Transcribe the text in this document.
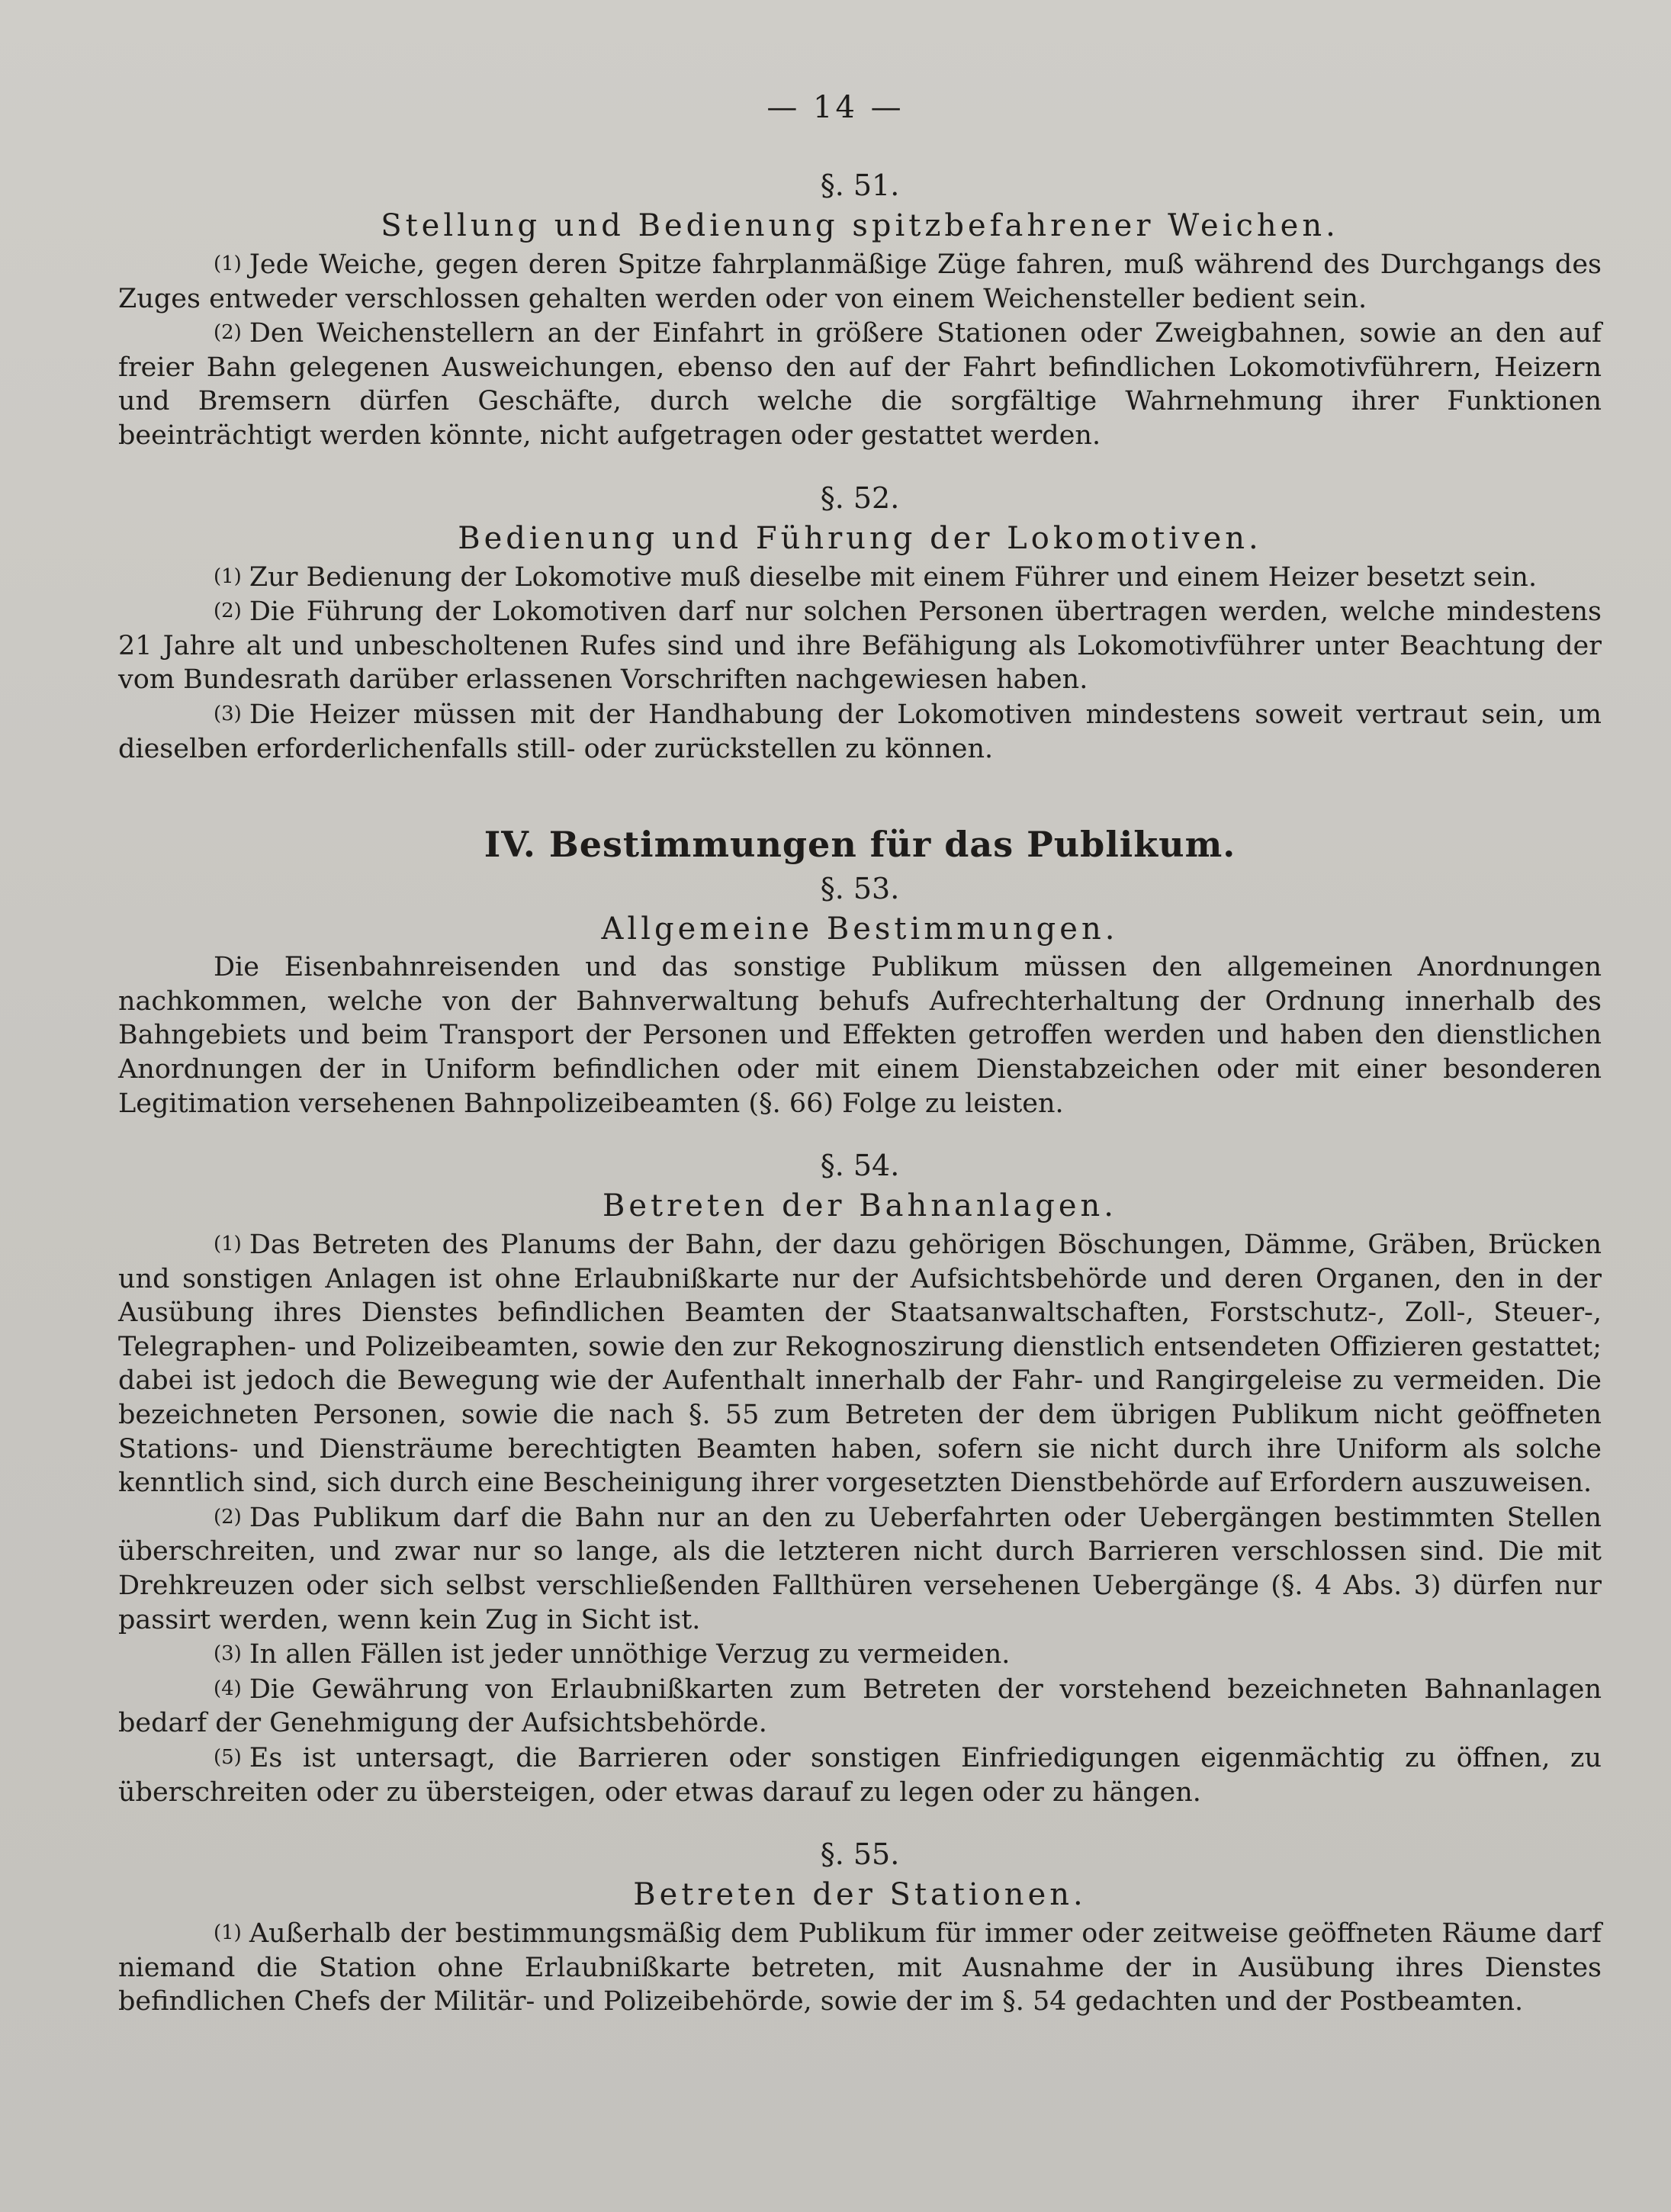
— 14 —
§. 51.
Stellung und Bedienung spitzbefahrener Weichen.

(1) Jede Weiche, gegen deren Spitze fahrplanmäßige Züge fahren, muß während des Durchgangs des Zuges entweder verschlossen gehalten werden oder von einem Weichensteller bedient sein.

(2) Den Weichenstellern an der Einfahrt in größere Stationen oder Zweigbahnen, sowie an den auf freier Bahn gelegenen Ausweichungen, ebenso den auf der Fahrt befindlichen Lokomotivführern, Heizern und Bremsern dürfen Geschäfte, durch welche die sorgfältige Wahrnehmung ihrer Funktionen beeinträchtigt werden könnte, nicht aufgetragen oder gestattet werden.

§. 52.
Bedienung und Führung der Lokomotiven.

(1) Zur Bedienung der Lokomotive muß dieselbe mit einem Führer und einem Heizer besetzt sein.

(2) Die Führung der Lokomotiven darf nur solchen Personen übertragen werden, welche mindestens 21 Jahre alt und unbescholtenen Rufes sind und ihre Befähigung als Lokomotivführer unter Beachtung der vom Bundesrath darüber erlassenen Vorschriften nachgewiesen haben.

(3) Die Heizer müssen mit der Handhabung der Lokomotiven mindestens soweit vertraut sein, um dieselben erforderlichenfalls still- oder zurückstellen zu können.

IV. Bestimmungen für das Publikum.
§. 53.
Allgemeine Bestimmungen.

Die Eisenbahnreisenden und das sonstige Publikum müssen den allgemeinen Anordnungen nachkommen, welche von der Bahnverwaltung behufs Aufrechterhaltung der Ordnung innerhalb des Bahngebiets und beim Transport der Personen und Effekten getroffen werden und haben den dienstlichen Anordnungen der in Uniform befindlichen oder mit einem Dienstabzeichen oder mit einer besonderen Legitimation versehenen Bahnpolizeibeamten (§. 66) Folge zu leisten.

§. 54.
Betreten der Bahnanlagen.

(1) Das Betreten des Planums der Bahn, der dazu gehörigen Böschungen, Dämme, Gräben, Brücken und sonstigen Anlagen ist ohne Erlaubnißkarte nur der Aufsichtsbehörde und deren Organen, den in der Ausübung ihres Dienstes befindlichen Beamten der Staatsanwaltschaften, Forstschutz-, Zoll-, Steuer-, Telegraphen- und Polizeibeamten, sowie den zur Rekognoszirung dienstlich entsendeten Offizieren gestattet; dabei ist jedoch die Bewegung wie der Aufenthalt innerhalb der Fahr- und Rangirgeleise zu vermeiden. Die bezeichneten Personen, sowie die nach §. 55 zum Betreten der dem übrigen Publikum nicht geöffneten Stations- und Diensträume berechtigten Beamten haben, sofern sie nicht durch ihre Uniform als solche kenntlich sind, sich durch eine Bescheinigung ihrer vorgesetzten Dienstbehörde auf Erfordern auszuweisen.

(2) Das Publikum darf die Bahn nur an den zu Ueberfahrten oder Uebergängen bestimmten Stellen überschreiten, und zwar nur so lange, als die letzteren nicht durch Barrieren verschlossen sind. Die mit Drehkreuzen oder sich selbst verschließenden Fallthüren versehenen Uebergänge (§. 4 Abs. 3) dürfen nur passirt werden, wenn kein Zug in Sicht ist.

(3) In allen Fällen ist jeder unnöthige Verzug zu vermeiden.

(4) Die Gewährung von Erlaubnißkarten zum Betreten der vorstehend bezeichneten Bahnanlagen bedarf der Genehmigung der Aufsichtsbehörde.

(5) Es ist untersagt, die Barrieren oder sonstigen Einfriedigungen eigenmächtig zu öffnen, zu überschreiten oder zu übersteigen, oder etwas darauf zu legen oder zu hängen.

§. 55.
Betreten der Stationen.

(1) Außerhalb der bestimmungsmäßig dem Publikum für immer oder zeitweise geöffneten Räume darf niemand die Station ohne Erlaubnißkarte betreten, mit Ausnahme der in Ausübung ihres Dienstes befindlichen Chefs der Militär- und Polizeibehörde, sowie der im §. 54 gedachten und der Postbeamten.
